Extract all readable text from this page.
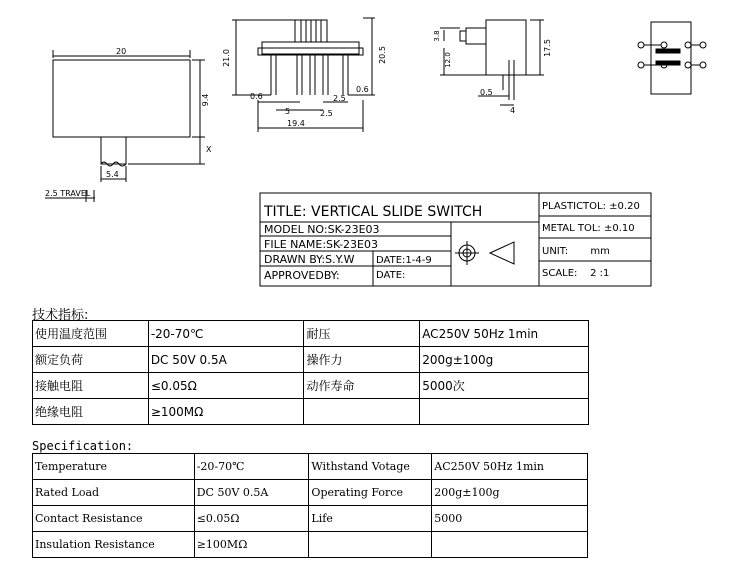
20
9.4
X
5.4
2.5 TRAVEL
21.0	20.5
0.6
5
2.5
2.5
0.6
19.4
3.8
12.0
17.5
0.5
4
TITLE: VERTICAL SLIDE SWITCH
MODEL NO:SK-23E03
FILE NAME:SK-23E03
DRAWN BY:S.Y.W DATE:1-4-9
APPROVEDBY:	DATE:
PLASTICTOL: ±0.20
METAL TOL: ±0.10
UNIT:       mm
SCALE:    2 :1
技术指标:
使用温度范围	-20-70℃	耐压	AC250V 50Hz 1min
额定负荷	DC 50V 0.5A	操作力	200g±100g
接触电阻	≤0.05Ω	动作寿命	5000次
绝缘电阻	≥100MΩ		
Specification:
Temperature	-20-70℃	Withstand Votage	AC250V 50Hz 1min
Rated Load	DC 50V 0.5A	Operating Force	200g±100g
Contact Resistance	≤0.05Ω	Life	5000
Insulation Resistance	≥100MΩ		
